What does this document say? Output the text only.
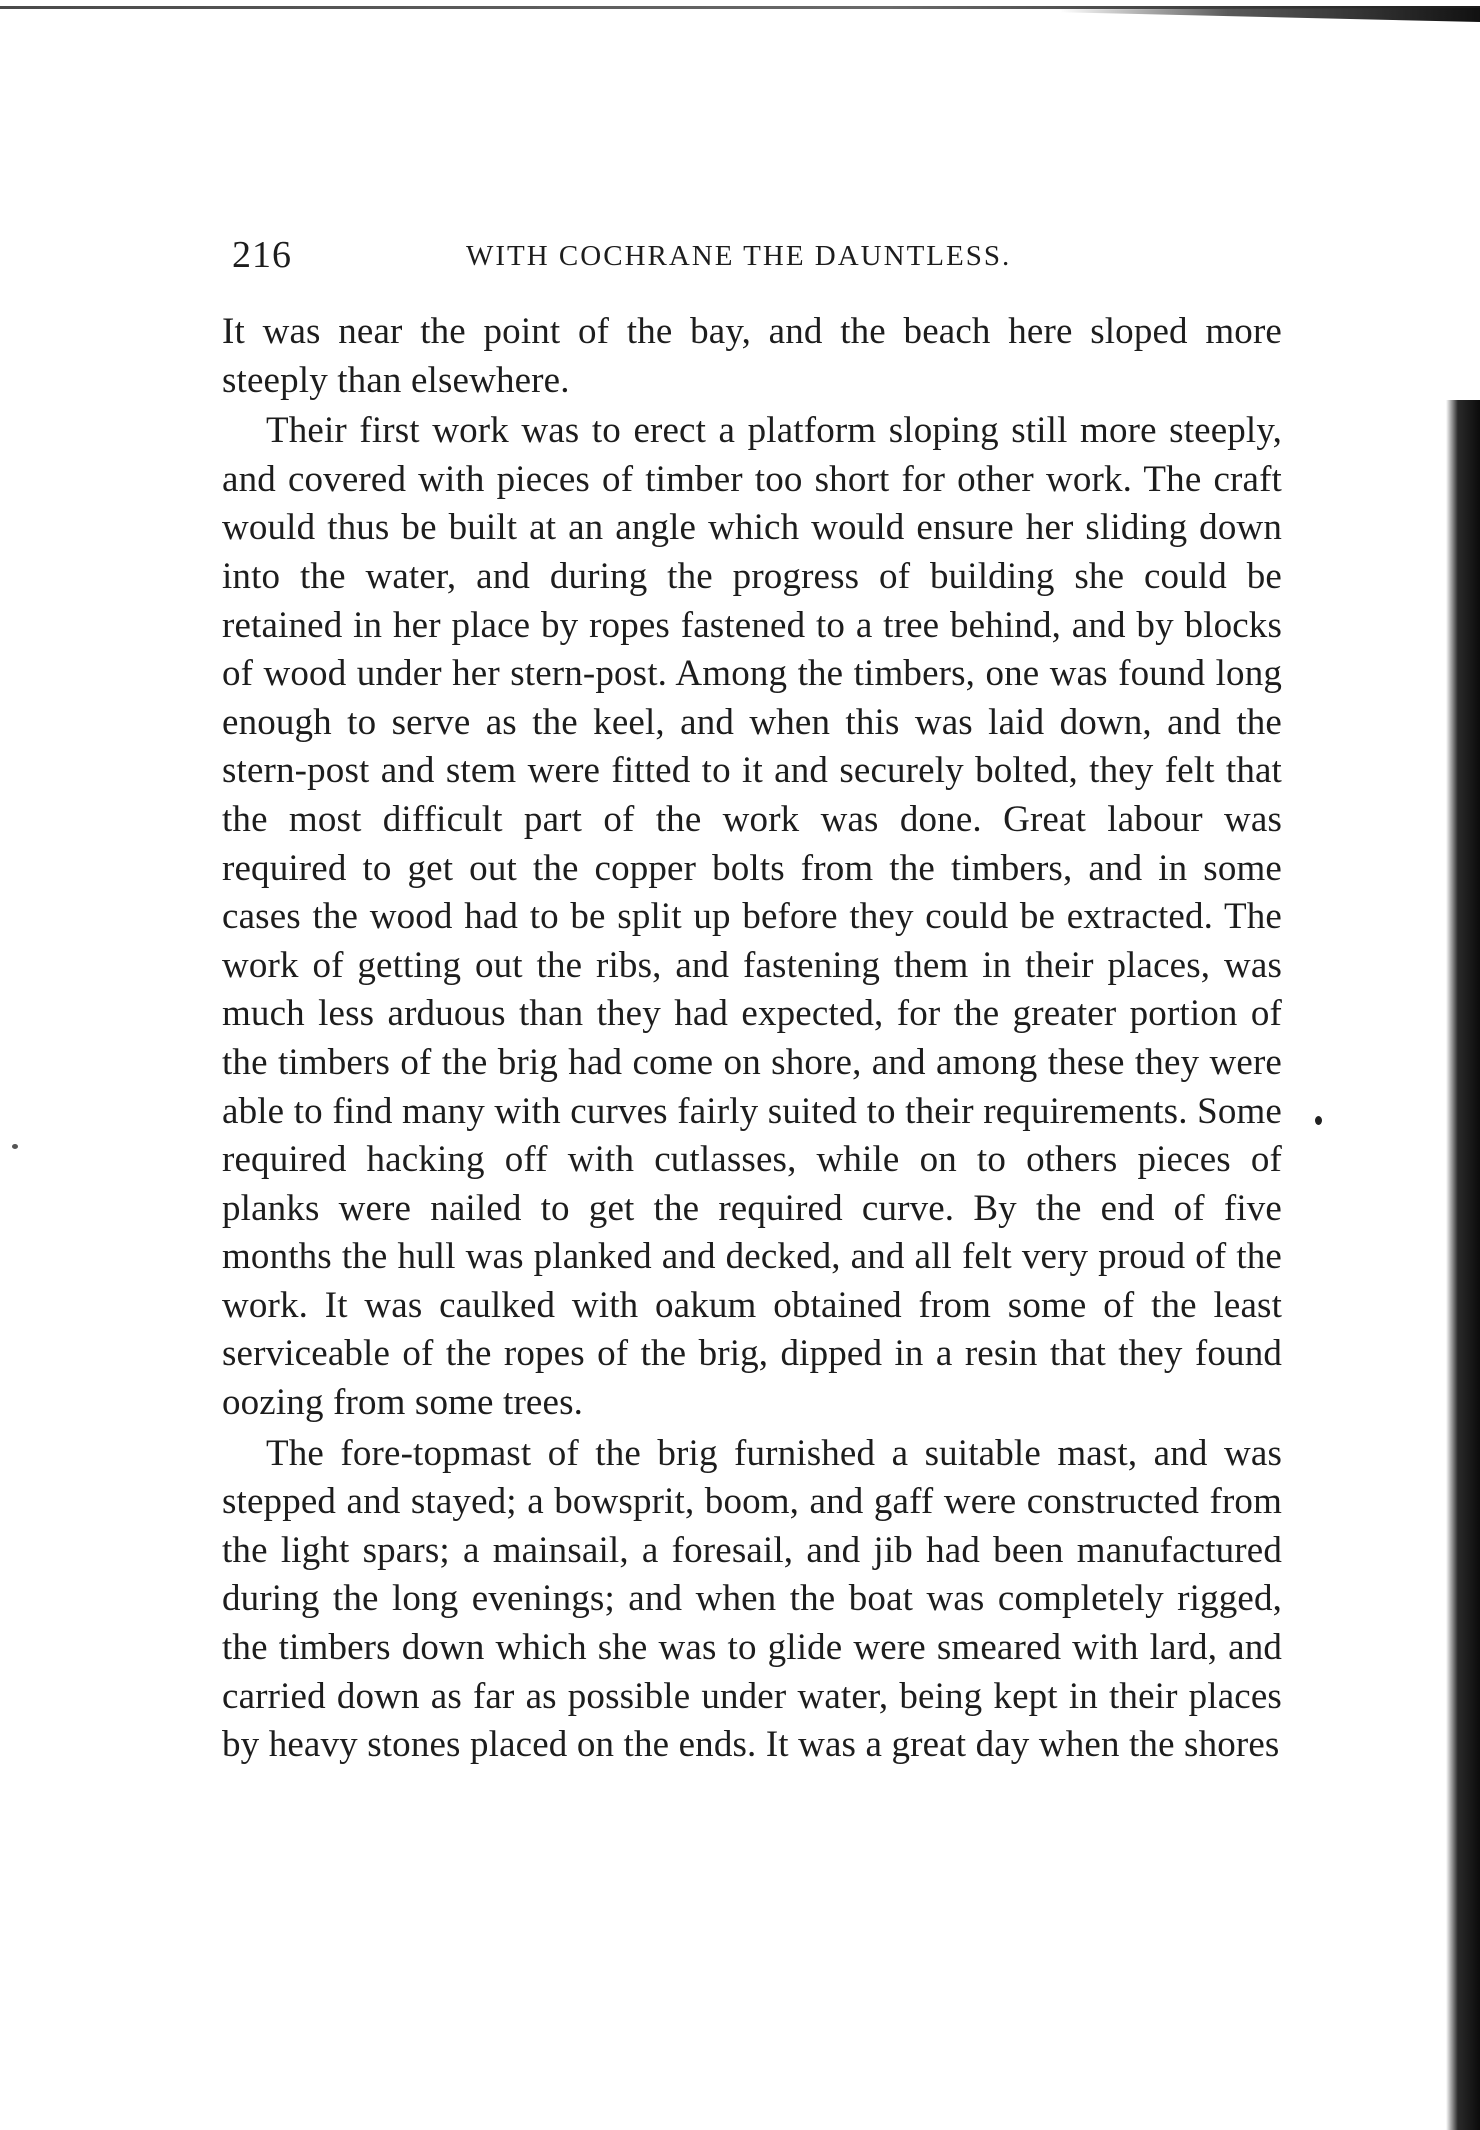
216	WITH COCHRANE THE DAUNTLESS.

It was near the point of the bay, and the beach here sloped more steeply than elsewhere.

Their first work was to erect a platform sloping still more steeply, and covered with pieces of timber too short for other work. The craft would thus be built at an angle which would ensure her sliding down into the water, and during the progress of building she could be retained in her place by ropes fastened to a tree behind, and by blocks of wood under her stern-post. Among the timbers, one was found long enough to serve as the keel, and when this was laid down, and the stern-post and stem were fitted to it and securely bolted, they felt that the most difficult part of the work was done. Great labour was required to get out the copper bolts from the timbers, and in some cases the wood had to be split up before they could be extracted. The work of getting out the ribs, and fastening them in their places, was much less arduous than they had expected, for the greater portion of the timbers of the brig had come on shore, and among these they were able to find many with curves fairly suited to their requirements. Some required hacking off with cutlasses, while on to others pieces of planks were nailed to get the required curve. By the end of five months the hull was planked and decked, and all felt very proud of the work. It was caulked with oakum obtained from some of the least serviceable of the ropes of the brig, dipped in a resin that they found oozing from some trees.

The fore-topmast of the brig furnished a suitable mast, and was stepped and stayed; a bowsprit, boom, and gaff were constructed from the light spars; a mainsail, a foresail, and jib had been manufactured during the long evenings; and when the boat was completely rigged, the timbers down which she was to glide were smeared with lard, and carried down as far as possible under water, being kept in their places by heavy stones placed on the ends. It was a great day when the shores
